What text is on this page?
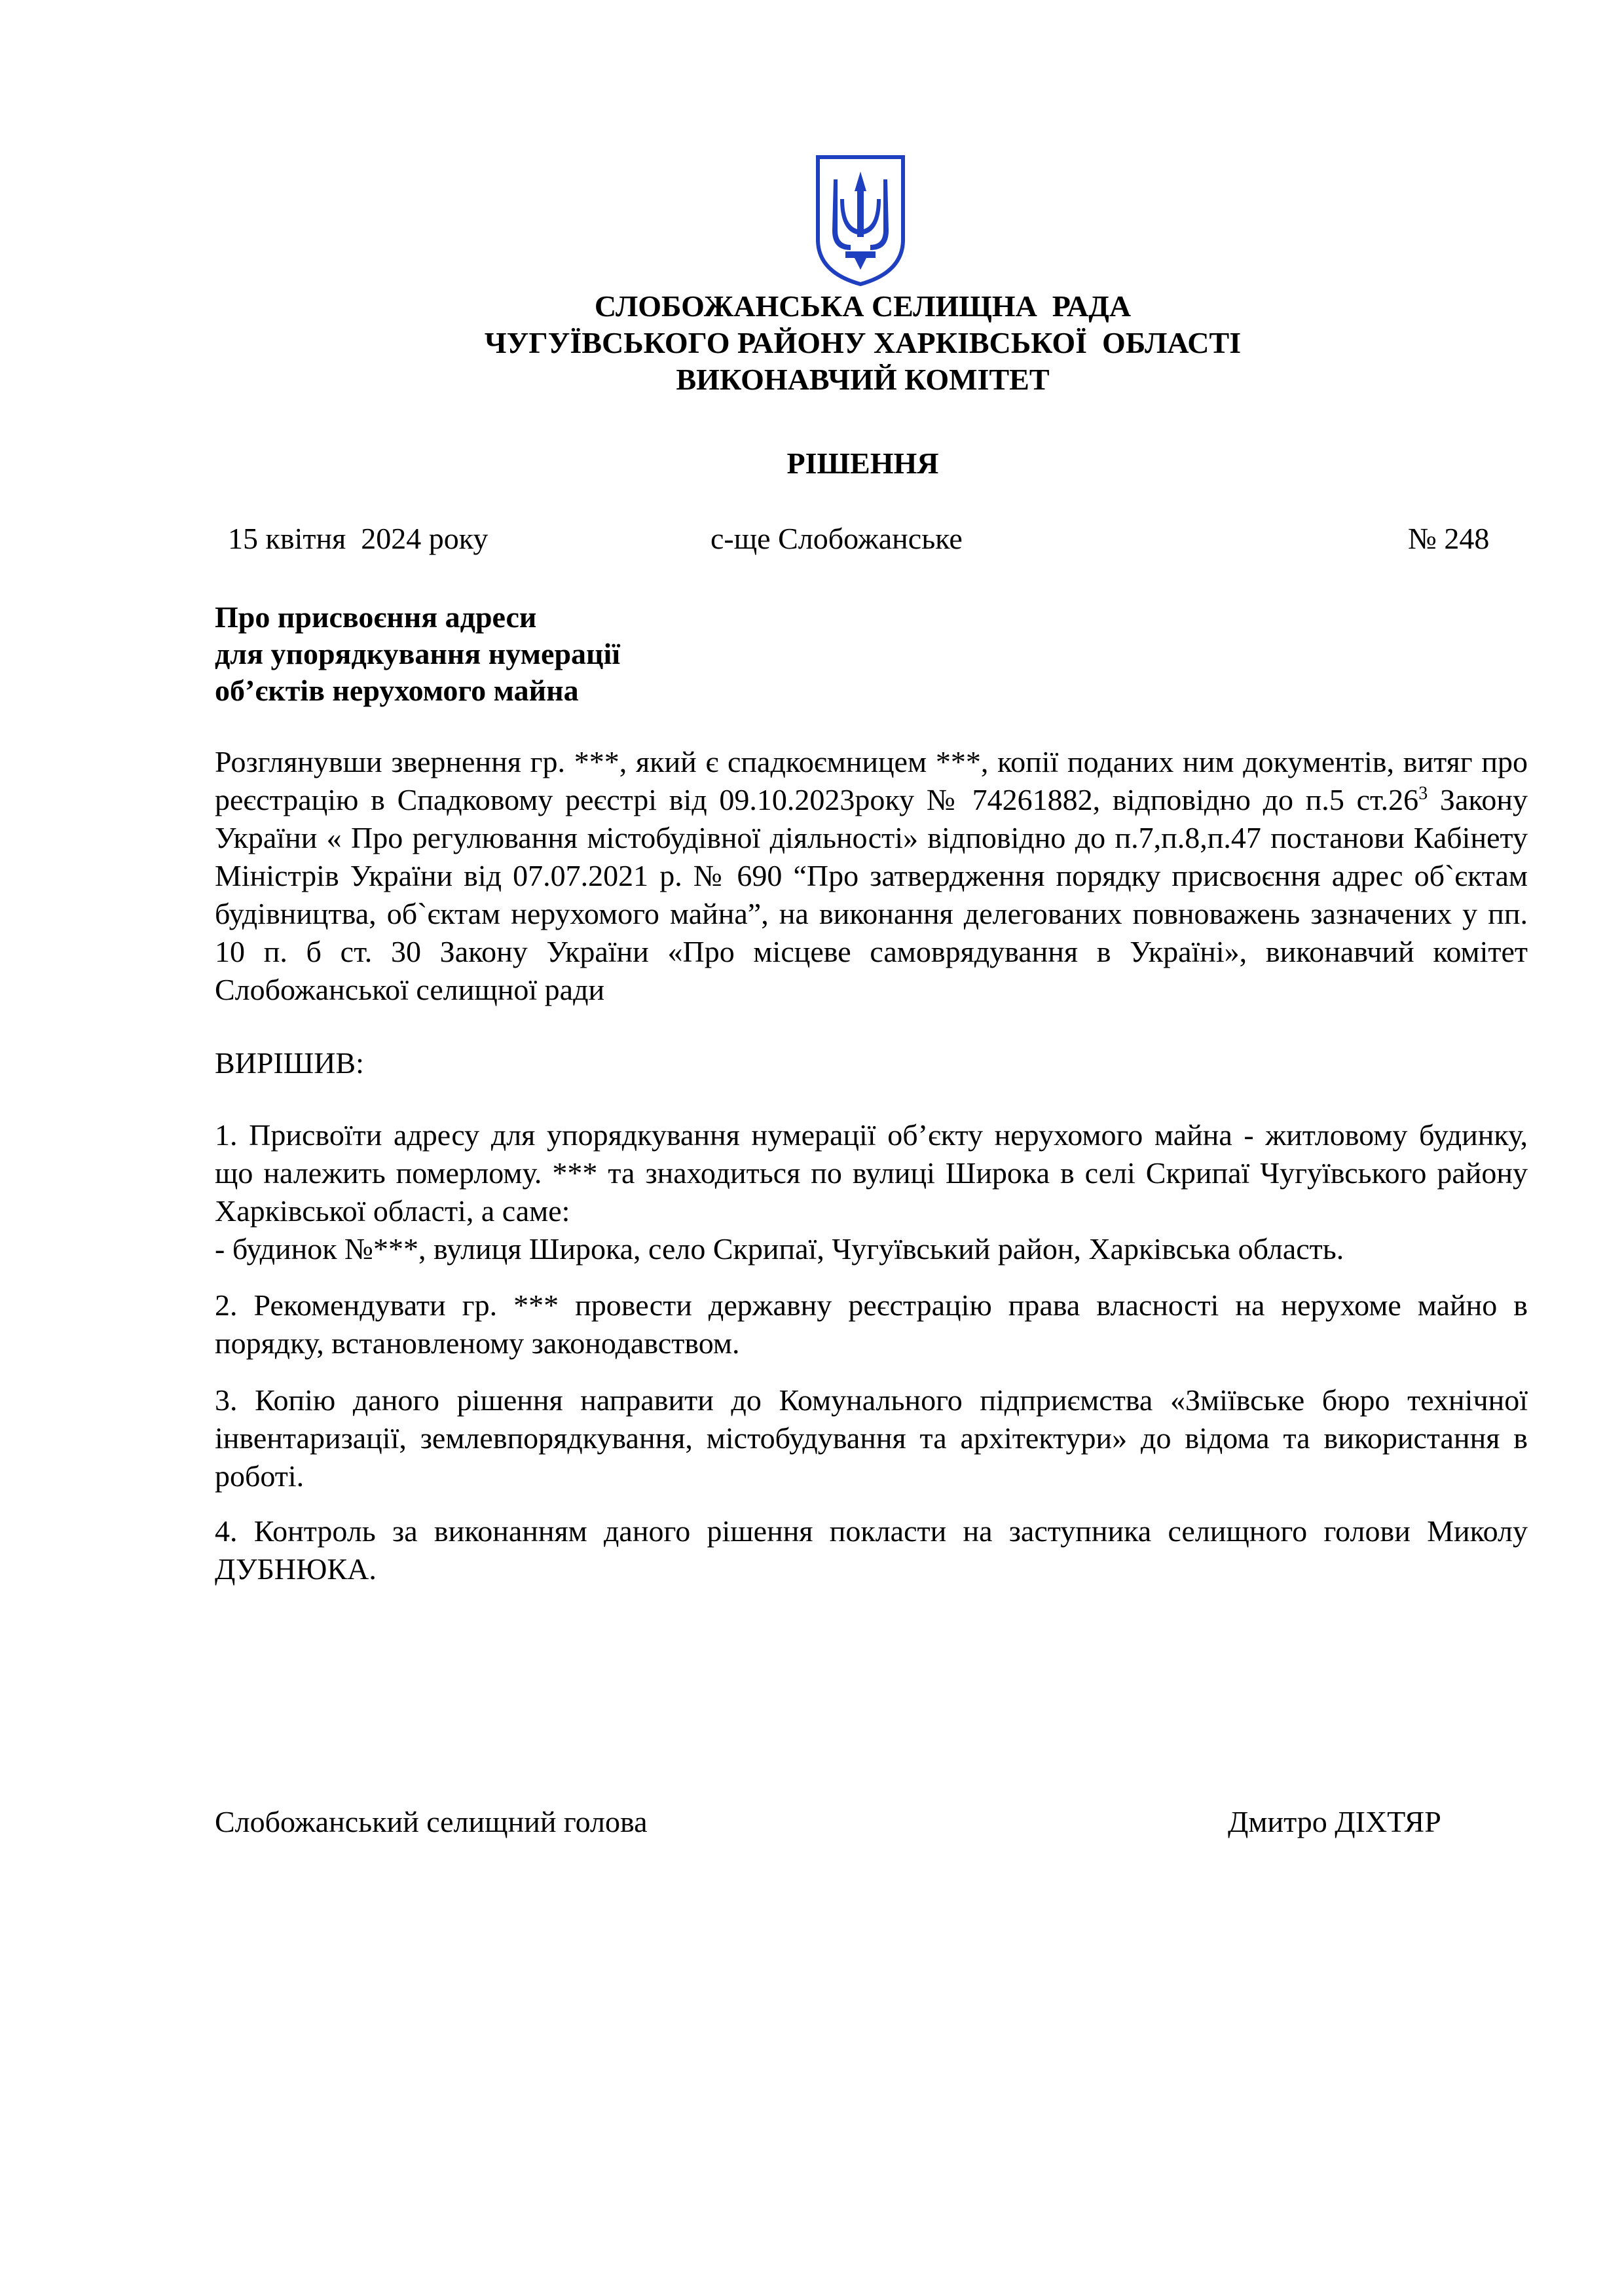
СЛОБОЖАНСЬКА СЕЛИЩНА  РАДА
ЧУГУЇВСЬКОГО РАЙОНУ ХАРКІВСЬКОЇ  ОБЛАСТІ
ВИКОНАВЧИЙ КОМІТЕТ
РІШЕННЯ
15 квітня  2024 року	с-ще Слобожанське	№ 248
Про присвоєння адреси
для упорядкування нумерації
об’єктів нерухомого майна
Розглянувши звернення гр. ***, який є спадкоємницем ***, копії поданих ним документів, витяг про реєстрацію в Спадковому реєстрі від 09.10.2023року № 74261882, відповідно до п.5 $ст.26^3$ Закону України « Про регулювання містобудівної діяльності» відповідно до п.7,п.8,п.47 постанови Кабінету Міністрів України від 07.07.2021 р. № 690 “Про затвердження порядку присвоєння адрес об`єктам будівництва, об`єктам нерухомого майна”, на виконання делегованих повноважень зазначених у пп. 10 п. б ст. 30 Закону України «Про місцеве самоврядування в Україні», виконавчий комітет Слобожанської селищної ради
ВИРІШИВ:
1. Присвоїти адресу для упорядкування нумерації об’єкту нерухомого майна - житловому будинку, що належить померлому. *** та знаходиться по вулиці Широка в селі Скрипаї Чугуївського району Харківської області, а саме:
- будинок №***, вулиця Широка, село Скрипаї, Чугуївський район, Харківська область.
2. Рекомендувати гр. *** провести державну реєстрацію права власності на нерухоме майно в порядку, встановленому законодавством.
3. Копію даного рішення направити до Комунального підприємства «Зміївське бюро технічної інвентаризації, землевпорядкування, містобудування та архітектури» до відома та використання в роботі.
4. Контроль за виконанням даного рішення покласти на заступника селищного голови Миколу ДУБНЮКА.
Слобожанський селищний голова	Дмитро ДІХТЯР
